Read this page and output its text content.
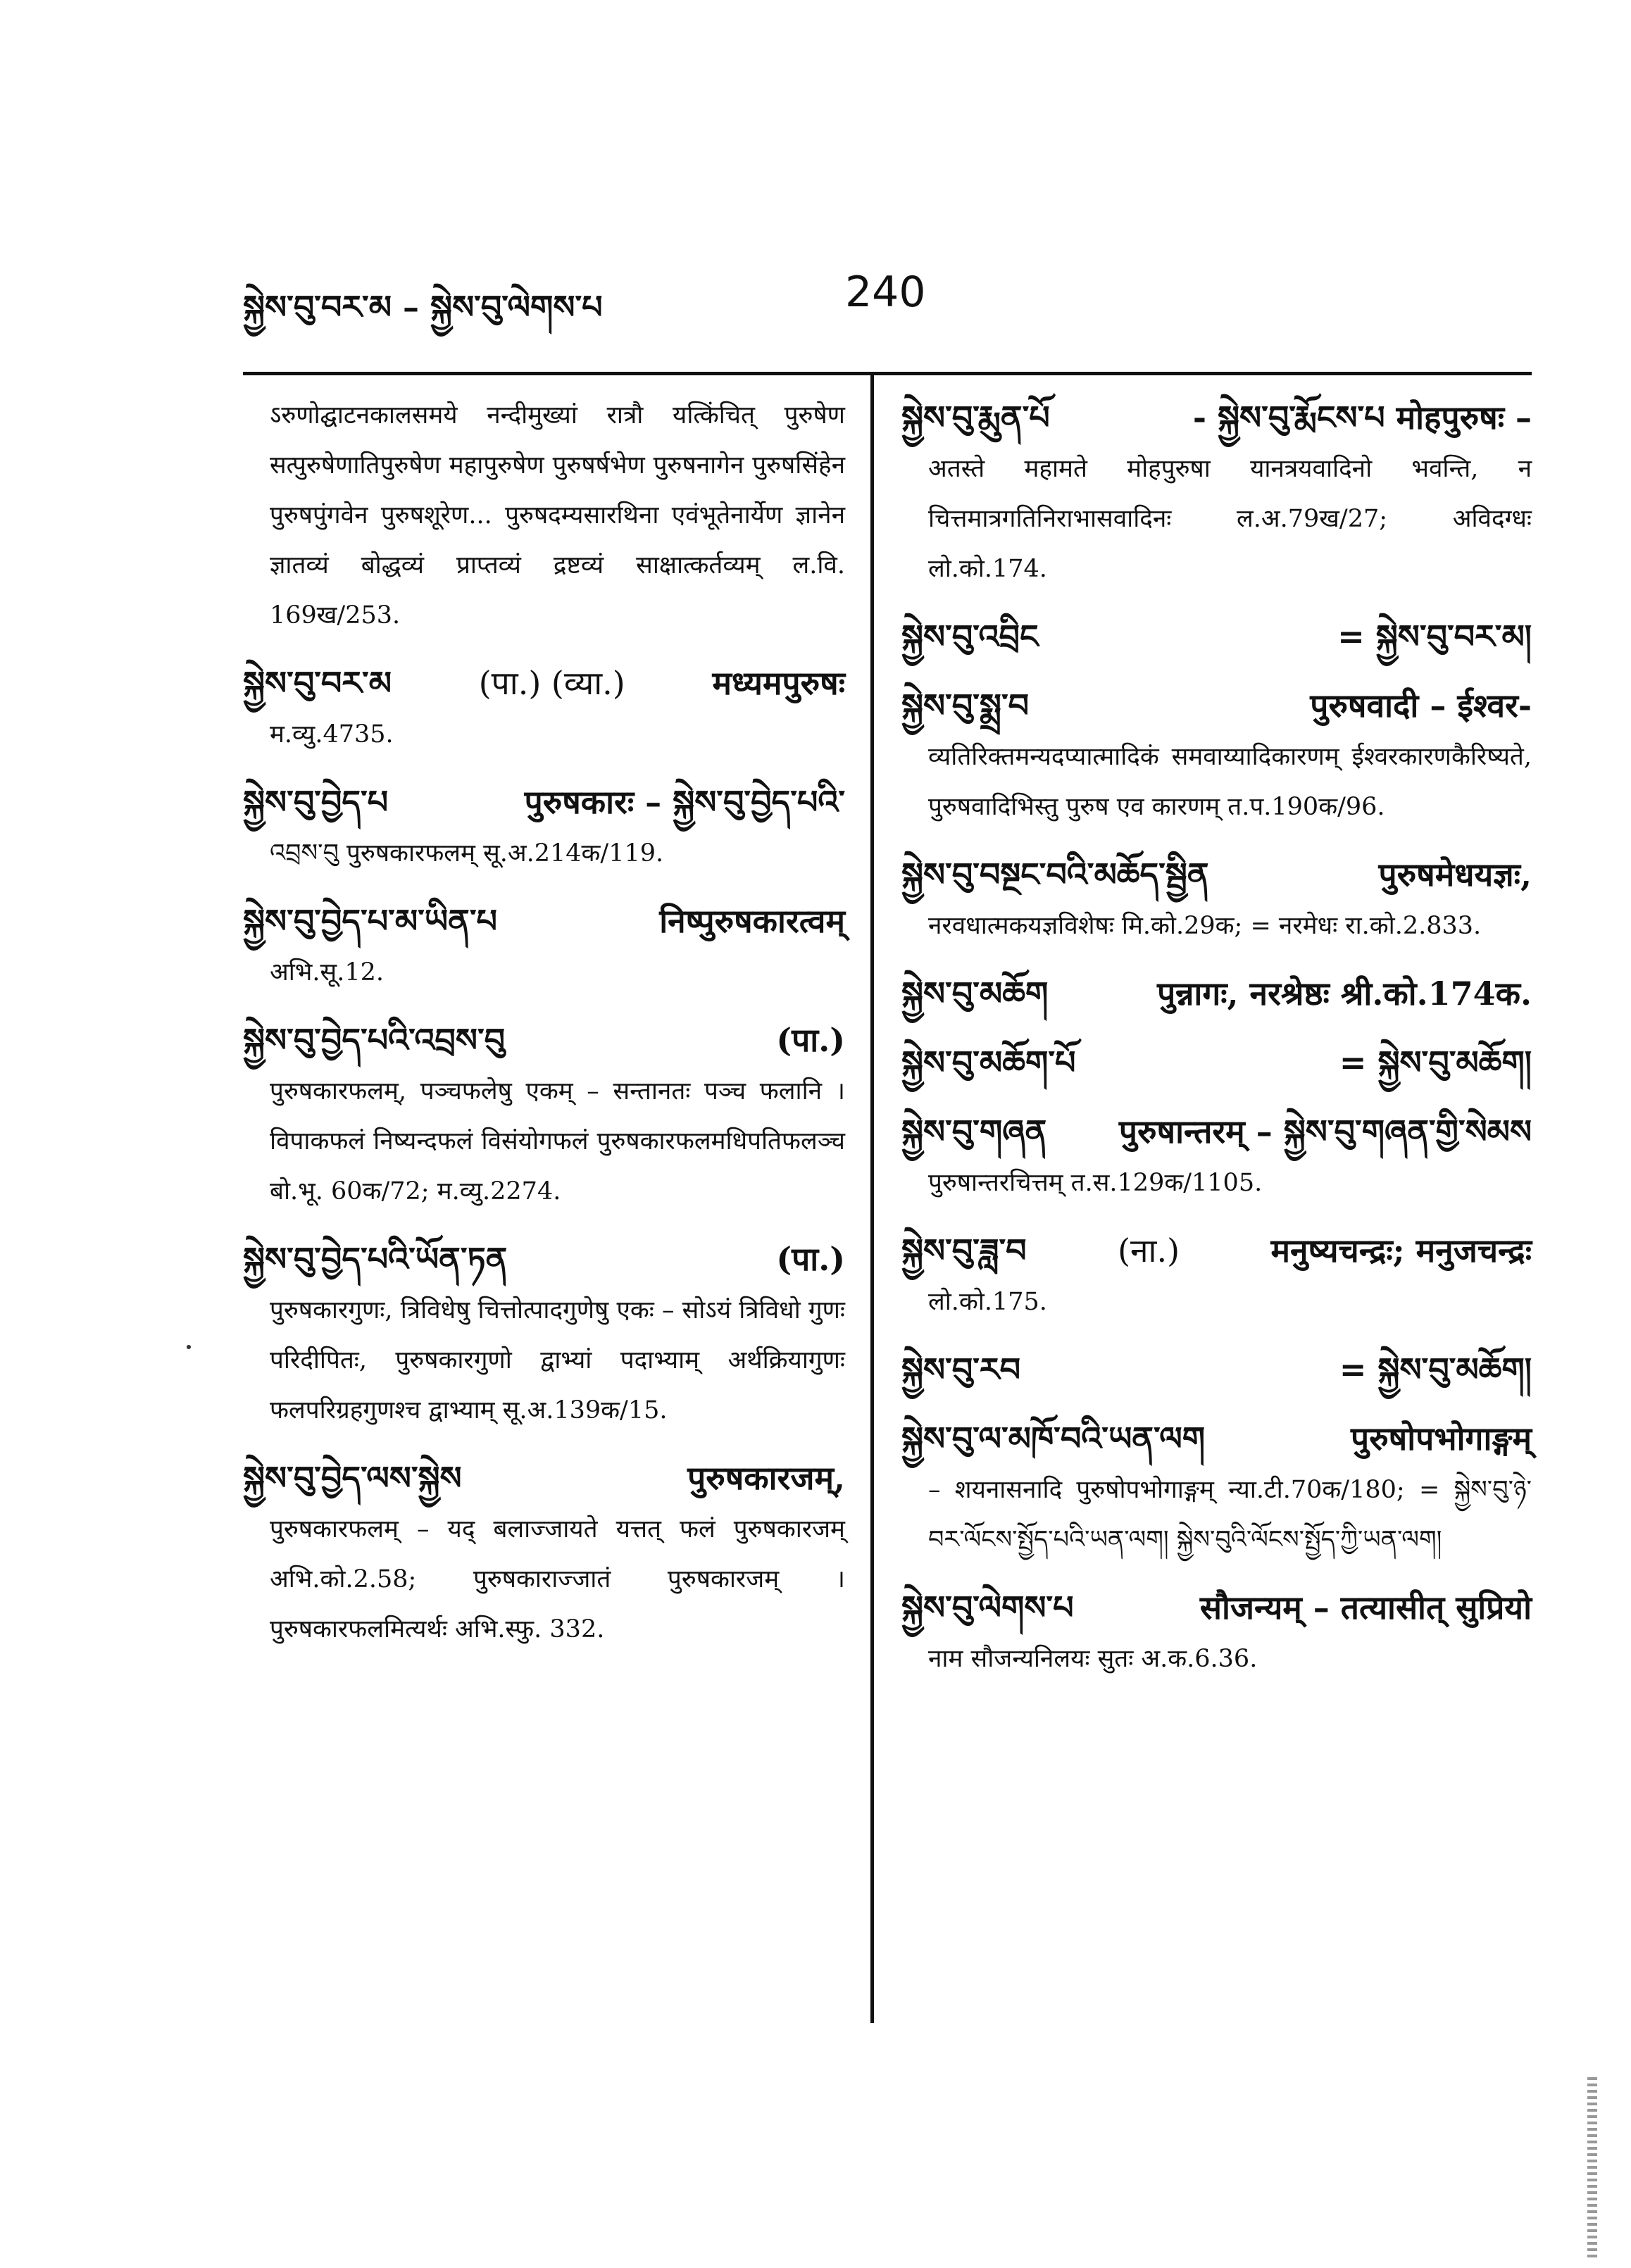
སྐྱེས་བུ་བར་མ – སྐྱེས་བུ་ལེགས་པ	240
ऽरुणोद्घाटनकालसमये नन्दीमुख्यां रात्रौ यत्किंचित् पुरुषेण सत्पुरुषेणातिपुरुषेण महापुरुषेण पुरुषर्षभेण पुरुषनागेन पुरुषसिंहेन पुरुषपुंगवेन पुरुषशूरेण... पुरुषदम्यसारथिना एवंभूतेनार्येण ज्ञानेन ज्ञातव्यं बोद्धव्यं प्राप्तव्यं द्रष्टव्यं साक्षात्कर्तव्यम् ल.वि. 169ख/253.
སྐྱེས་བུ་བར་མ	(पा.) (व्या.)	मध्यमपुरुषः
म.व्यु.4735.
སྐྱེས་བུ་བྱེད་པ	पुरुषकारः – སྐྱེས་བུ་བྱེད་པའི་
འབྲས་བུ पुरुषकारफलम् सू.अ.214क/119.
སྐྱེས་བུ་བྱེད་པ་མ་ཡིན་པ	निष्पुरुषकारत्वम्
अभि.सू.12.
སྐྱེས་བུ་བྱེད་པའི་འབྲས་བུ	(पा.)
पुरुषकारफलम्, पञ्चफलेषु एकम् – सन्तानतः पञ्च फलानि । विपाकफलं निष्यन्दफलं विसंयोगफलं पुरुषकारफलमधिपतिफलञ्च बो.भू. 60क/72; म.व्यु.2274.
སྐྱེས་བུ་བྱེད་པའི་ཡོན་ཏན	(पा.)
पुरुषकारगुणः, त्रिविधेषु चित्तोत्पादगुणेषु एकः – सोऽयं त्रिविधो गुणः परिदीपितः, पुरुषकारगुणो द्वाभ्यां पदाभ्याम् अर्थक्रियागुणः फलपरिग्रहगुणश्च द्वाभ्याम् सू.अ.139क/15.
སྐྱེས་བུ་བྱེད་ལས་སྐྱེས	पुरुषकारजम्,
पुरुषकारफलम् – यद् बलाज्जायते यत्तत् फलं पुरुषकारजम् अभि.को.2.58; पुरुषकाराज्जातं पुरुषकारजम् । पुरुषकारफलमित्यर्थः अभि.स्फु. 332.
སྐྱེས་བུ་རྨུན་པོ	- སྐྱེས་བུ་རྨོངས་པ मोहपुरुषः –
अतस्ते महामते मोहपुरुषा यानत्रयवादिनो भवन्ति, न चित्तमात्रगतिनिराभासवादिनः ल.अ.79ख/27; अविदग्धः लो.को.174.
སྐྱེས་བུ་འབྲིང	= སྐྱེས་བུ་བར་མ།
སྐྱེས་བུ་སྨྲ་བ	पुरुषवादी – ईश्वर-
व्यतिरिक्तमन्यदप्यात्मादिकं समवाय्यादिकारणम् ईश्वरकारणकैरिष्यते, पुरुषवादिभिस्तु पुरुष एव कारणम् त.प.190क/96.
སྐྱེས་བུ་བསྔང་བའི་མཆོད་སྦྱིན	पुरुषमेधयज्ञः,
नरवधात्मकयज्ञविशेषः मि.को.29क; = नरमेधः रा.को.2.833.
སྐྱེས་བུ་མཆོག	पुन्नागः, नरश्रेष्ठः श्री.को.174क.
སྐྱེས་བུ་མཆོག་པོ	= སྐྱེས་བུ་མཆོག།
སྐྱེས་བུ་གཞན पुरुषान्तरम् – སྐྱེས་བུ་གཞན་གྱི་སེམས
पुरुषान्तरचित्तम् त.स.129क/1105.
སྐྱེས་བུ་ཟླ་བ	(ना.)	मनुष्यचन्द्रः; मनुजचन्द्रः
लो.को.175.
སྐྱེས་བུ་རབ	= སྐྱེས་བུ་མཆོག།
སྐྱེས་བུ་ལ་མཁོ་བའི་ཡན་ལག	पुरुषोपभोगाङ्गम्
– शयनासनादि पुरुषोपभोगाङ्गम् न्या.टी.70क/180; = སྐྱེས་བུ་ཉེ་བར་ལོངས་སྤྱོད་པའི་ཡན་ལག། སྐྱེས་བུའི་ལོངས་སྤྱོད་ཀྱི་ཡན་ལག།
སྐྱེས་བུ་ལེགས་པ	सौजन्यम् – तत्यासीत् सुप्रियो
नाम सौजन्यनिलयः सुतः अ.क.6.36.
